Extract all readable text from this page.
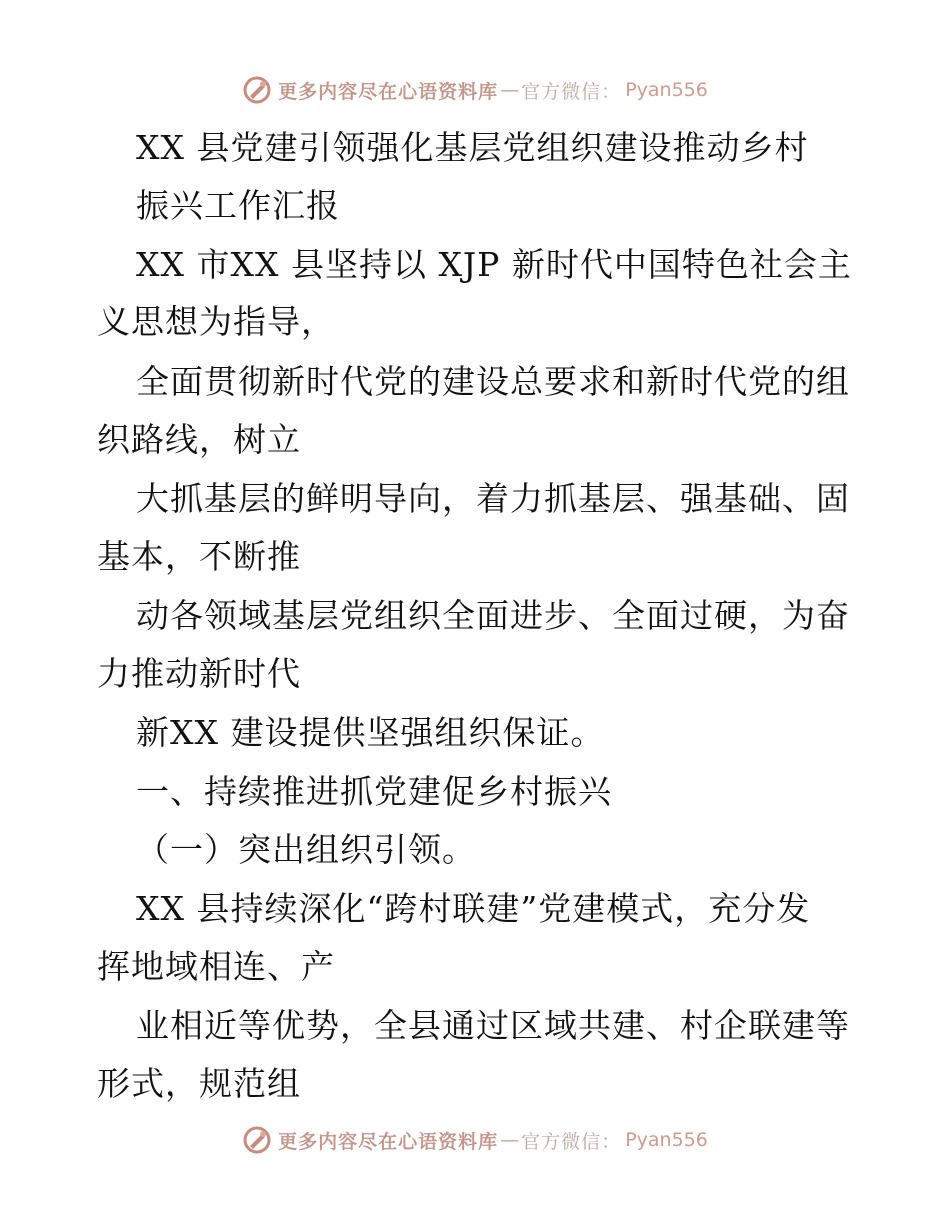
更多内容尽在心语资料库 — 官方微信： Pyan556
XX 县党建引领强化基层党组织建设推动乡村
振兴工作汇报
XX 市XX 县坚持以 XJP 新时代中国特色社会主
义思想为指导，
全面贯彻新时代党的建设总要求和新时代党的组
织路线，树立
大抓基层的鲜明导向，着力抓基层、强基础、固
基本，不断推
动各领域基层党组织全面进步、全面过硬，为奋
力推动新时代
新XX 建设提供坚强组织保证。
一、持续推进抓党建促乡村振兴
（一）突出组织引领。
XX 县持续深化“跨村联建”党建模式，充分发
挥地域相连、产
业相近等优势，全县通过区域共建、村企联建等
形式，规范组
更多内容尽在心语资料库 — 官方微信： Pyan556
